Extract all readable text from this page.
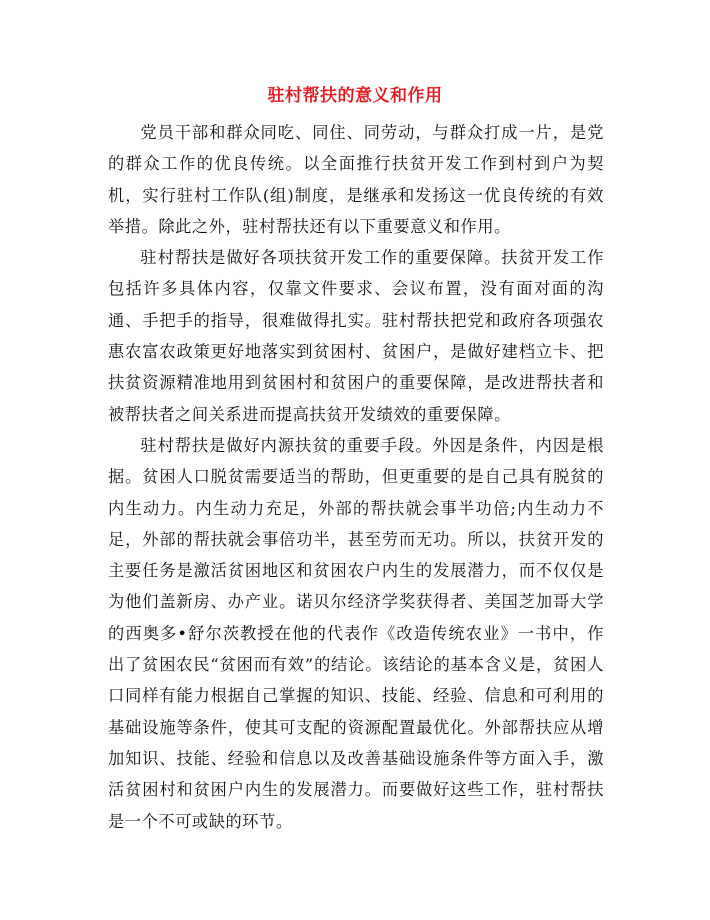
驻村帮扶的意义和作用

党员干部和群众同吃、同住、同劳动，与群众打成一片，是党的群众工作的优良传统。以全面推行扶贫开发工作到村到户为契机，实行驻村工作队(组)制度，是继承和发扬这一优良传统的有效举措。除此之外，驻村帮扶还有以下重要意义和作用。

驻村帮扶是做好各项扶贫开发工作的重要保障。扶贫开发工作包括许多具体内容，仅靠文件要求、会议布置，没有面对面的沟通、手把手的指导，很难做得扎实。驻村帮扶把党和政府各项强农惠农富农政策更好地落实到贫困村、贫困户，是做好建档立卡、把扶贫资源精准地用到贫困村和贫困户的重要保障，是改进帮扶者和被帮扶者之间关系进而提高扶贫开发绩效的重要保障。

驻村帮扶是做好内源扶贫的重要手段。外因是条件，内因是根据。贫困人口脱贫需要适当的帮助，但更重要的是自己具有脱贫的内生动力。内生动力充足，外部的帮扶就会事半功倍;内生动力不足，外部的帮扶就会事倍功半，甚至劳而无功。所以，扶贫开发的主要任务是激活贫困地区和贫困农户内生的发展潜力，而不仅仅是为他们盖新房、办产业。诺贝尔经济学奖获得者、美国芝加哥大学的西奥多•舒尔茨教授在他的代表作《改造传统农业》一书中，作出了贫困农民“贫困而有效”的结论。该结论的基本含义是，贫困人口同样有能力根据自己掌握的知识、技能、经验、信息和可利用的基础设施等条件，使其可支配的资源配置最优化。外部帮扶应从增加知识、技能、经验和信息以及改善基础设施条件等方面入手，激活贫困村和贫困户内生的发展潜力。而要做好这些工作，驻村帮扶是一个不可或缺的环节。
